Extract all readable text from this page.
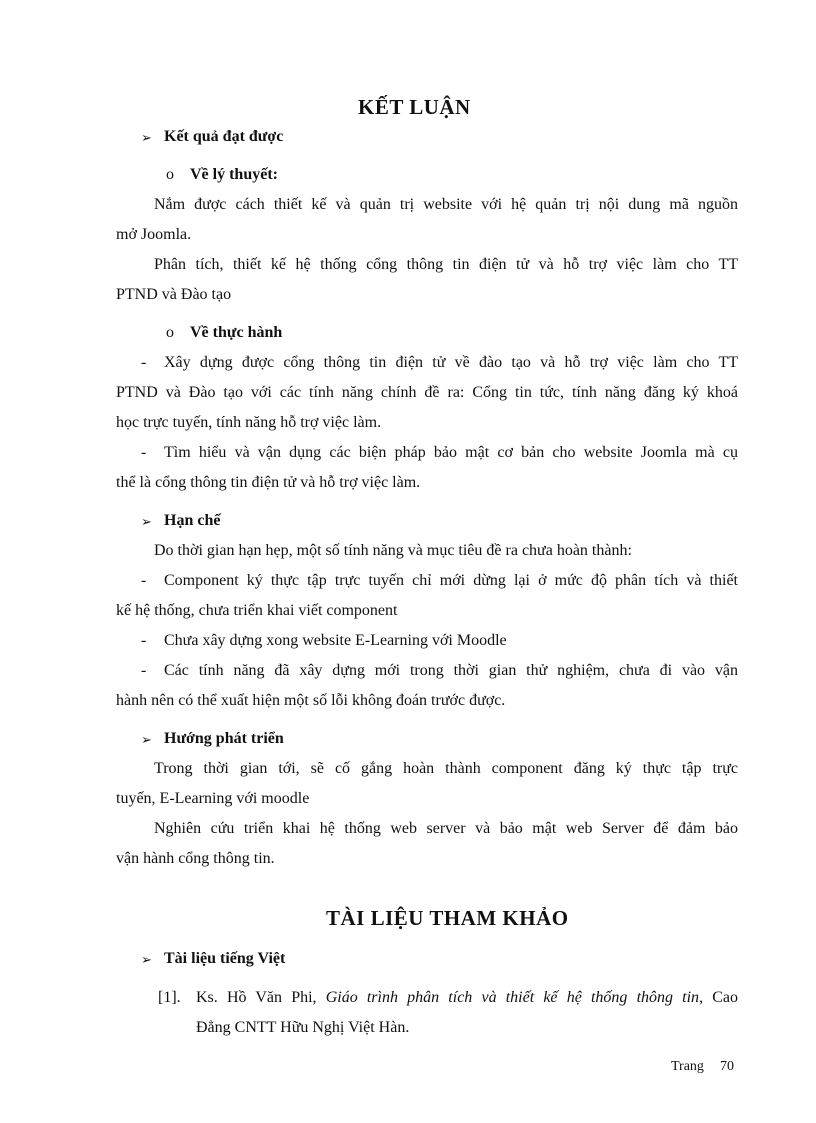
KẾT LUẬN
➢ Kết quả đạt được
o Về lý thuyết:
Nắm được cách thiết kế và quản trị website với hệ quản trị nội dung mã nguồn
mở Joomla.
Phân tích, thiết kế hệ thống cổng thông tin điện tử và hỗ trợ việc làm cho TT
PTND và Đào tạo
o Về thực hành
- Xây dựng được cổng thông tin điện tử về đào tạo và hỗ trợ việc làm cho TT
PTND và Đào tạo với các tính năng chính đề ra: Cổng tin tức, tính năng đăng ký khoá
học trực tuyến, tính năng hỗ trợ việc làm.
- Tìm hiểu và vận dụng các biện pháp bảo mật cơ bản cho website Joomla mà cụ
thể là cổng thông tin điện tử và hỗ trợ việc làm.
➢ Hạn chế
Do thời gian hạn hẹp, một số tính năng và mục tiêu đề ra chưa hoàn thành:
- Component ký thực tập trực tuyến chỉ mới dừng lại ở mức độ phân tích và thiết
kế hệ thống, chưa triển khai viết component
- Chưa xây dựng xong website E-Learning với Moodle
- Các tính năng đã xây dựng mới trong thời gian thử nghiệm, chưa đi vào vận
hành nên có thể xuất hiện một số lỗi không đoán trước được.
➢ Hướng phát triển
Trong thời gian tới, sẽ cố gắng hoàn thành component đăng ký thực tập trực
tuyến, E-Learning với moodle
Nghiên cứu triển khai hệ thống web server và bảo mật web Server để đảm bảo
vận hành cổng thông tin.
TÀI LIỆU THAM KHẢO
➢ Tài liệu tiếng Việt
[1]. Ks. Hồ Văn Phi, Giáo trình phân tích và thiết kế hệ thống thông tin, Cao
Đẳng CNTT Hữu Nghị Việt Hàn.
Trang 70
